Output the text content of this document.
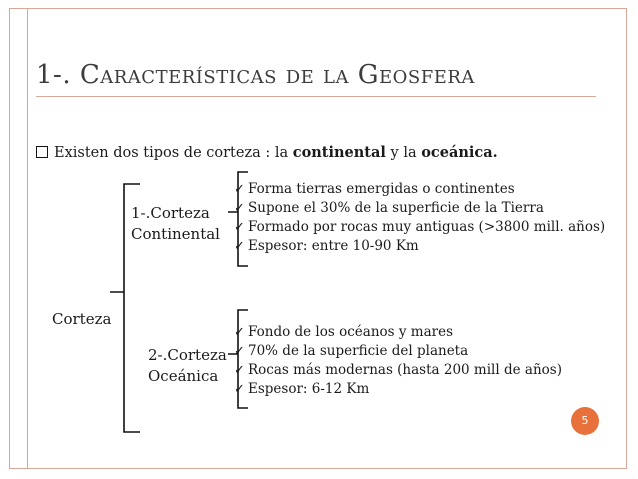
1-. Características de la Geosfera
Existen dos tipos de corteza : la continental y la oceánica.
Corteza
1-.Corteza
Continental
2-.Corteza
Oceánica
✓ Forma tierras emergidas o continentes
✓ Supone el 30% de la superficie de la Tierra
✓ Formado por rocas muy antiguas (>3800 mill. años)
✓ Espesor: entre 10-90 Km
✓ Fondo de los océanos y mares
✓ 70% de la superficie del planeta
✓ Rocas más modernas (hasta 200 mill de años)
✓ Espesor: 6-12 Km
5
